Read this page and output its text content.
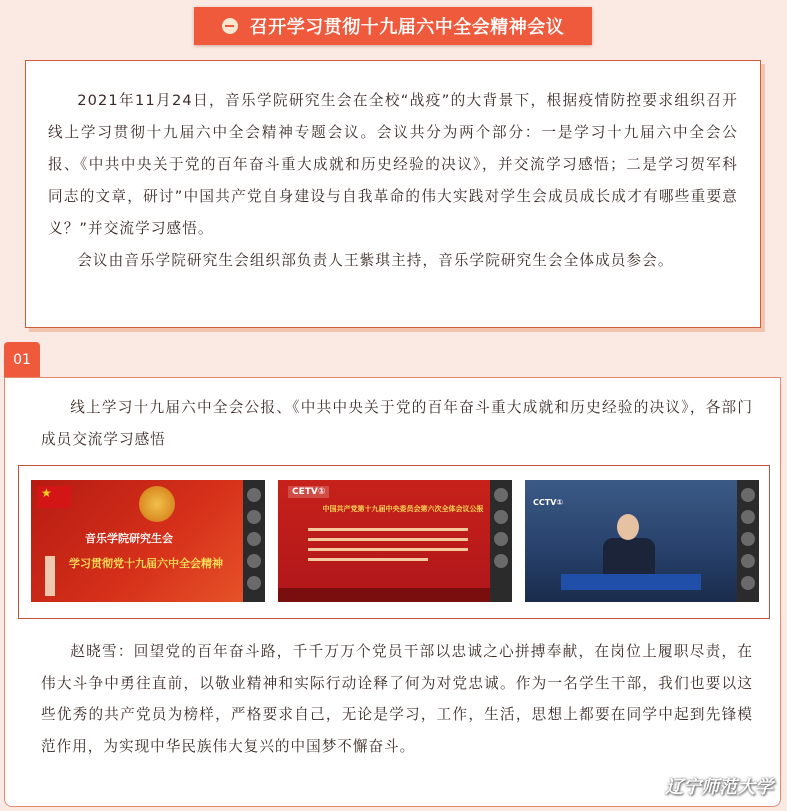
召开学习贯彻十九届六中全会精神会议

2021年11月24日，音乐学院研究生会在全校“战疫”的大背景下，根据疫情防控要求组织召开线上学习贯彻十九届六中全会精神专题会议。会议共分为两个部分：一是学习十九届六中全会公报、《中共中央关于党的百年奋斗重大成就和历史经验的决议》，并交流学习感悟；二是学习贺军科同志的文章，研讨”中国共产党自身建设与自我革命的伟大实践对学生会成员成长成才有哪些重要意义？”并交流学习感悟。

会议由音乐学院研究生会组织部负责人王紫琪主持，音乐学院研究生会全体成员参会。

01

线上学习十九届六中全会公报、《中共中央关于党的百年奋斗重大成就和历史经验的决议》，各部门成员交流学习感悟

★
音乐学院研究生会
学习贯彻党十九届六中全会精神
CETV①
中国共产党第十九届中央委员会第六次全体会议公报
CCTV①

赵晓雪：回望党的百年奋斗路，千千万万个党员干部以忠诚之心拼搏奉献，在岗位上履职尽责，在伟大斗争中勇往直前，以敬业精神和实际行动诠释了何为对党忠诚。作为一名学生干部，我们也要以这些优秀的共产党员为榜样，严格要求自己，无论是学习，工作，生活，思想上都要在同学中起到先锋模范作用，为实现中华民族伟大复兴的中国梦不懈奋斗。

辽宁师范大学
